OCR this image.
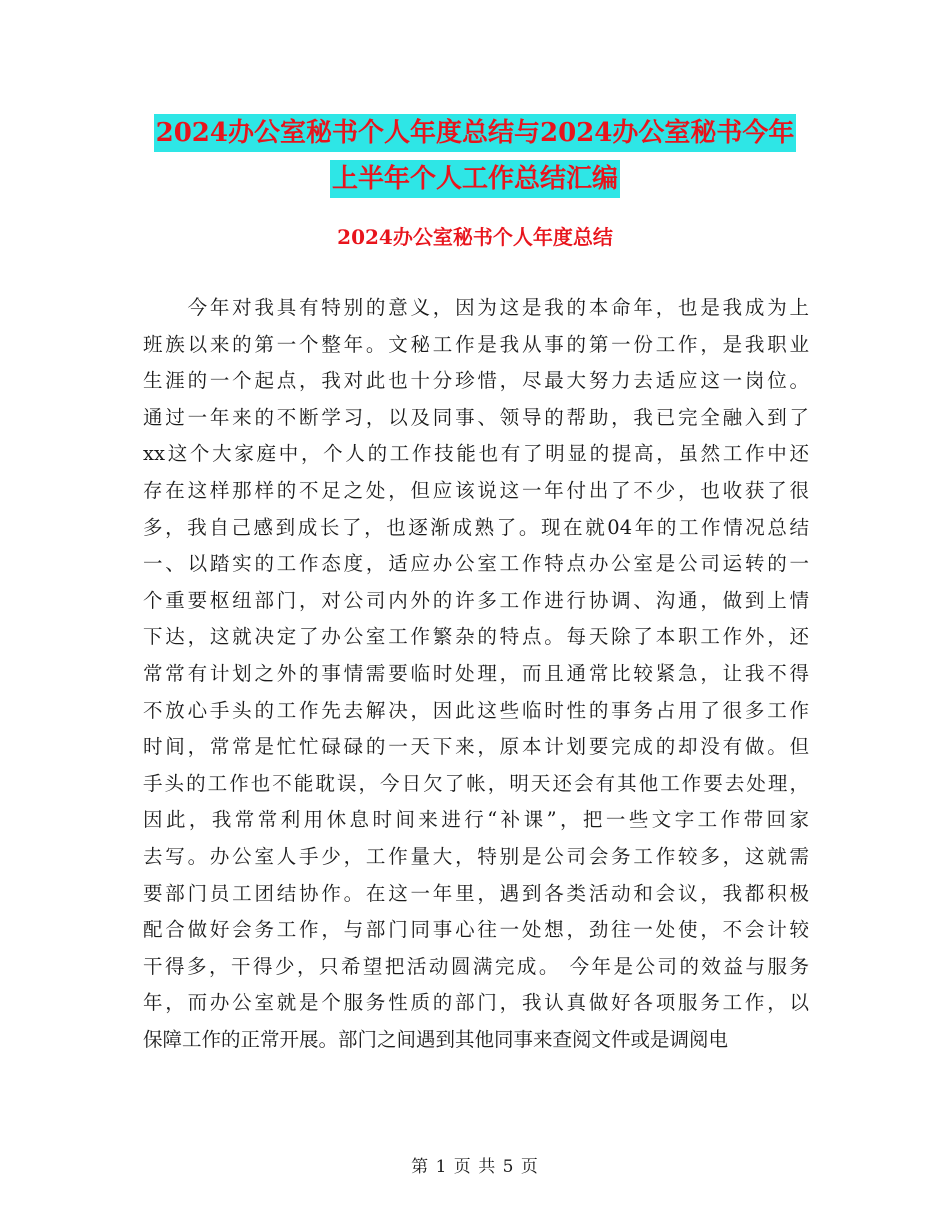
2024办公室秘书个人年度总结与2024办公室秘书今年
上半年个人工作总结汇编
2024办公室秘书个人年度总结
　　今年对我具有特别的意义，因为这是我的本命年，也是我成为上
班族以来的第一个整年。文秘工作是我从事的第一份工作，是我职业
生涯的一个起点，我对此也十分珍惜，尽最大努力去适应这一岗位。
通过一年来的不断学习，以及同事、领导的帮助，我已完全融入到了
xx这个大家庭中，个人的工作技能也有了明显的提高，虽然工作中还
存在这样那样的不足之处，但应该说这一年付出了不少，也收获了很
多，我自己感到成长了，也逐渐成熟了。现在就04年的工作情况总结
一、以踏实的工作态度，适应办公室工作特点办公室是公司运转的一
个重要枢纽部门，对公司内外的许多工作进行协调、沟通，做到上情
下达，这就决定了办公室工作繁杂的特点。每天除了本职工作外，还
常常有计划之外的事情需要临时处理，而且通常比较紧急，让我不得
不放心手头的工作先去解决，因此这些临时性的事务占用了很多工作
时间，常常是忙忙碌碌的一天下来，原本计划要完成的却没有做。但
手头的工作也不能耽误，今日欠了帐，明天还会有其他工作要去处理，
因此，我常常利用休息时间来进行“补课”，把一些文字工作带回家
去写。办公室人手少，工作量大，特别是公司会务工作较多，这就需
要部门员工团结协作。在这一年里，遇到各类活动和会议，我都积极
配合做好会务工作，与部门同事心往一处想，劲往一处使，不会计较
干得多，干得少，只希望把活动圆满完成。 今年是公司的效益与服务
年，而办公室就是个服务性质的部门，我认真做好各项服务工作，以
保障工作的正常开展。部门之间遇到其他同事来查阅文件或是调阅电
第 1 页 共 5 页
